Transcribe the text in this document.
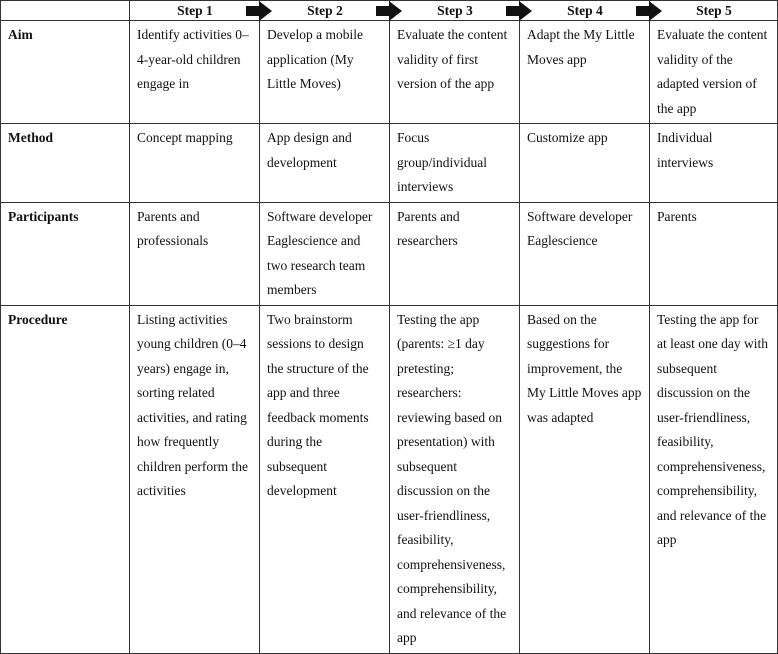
	Step 1	Step 2	Step 3	Step 4	Step 5
Aim	Identify activities 0–4-year-old children engage in	Develop a mobile application (My Little Moves)	Evaluate the content validity of first version of the app	Adapt the My Little Moves app	Evaluate the content validity of the adapted version of the app
Method	Concept mapping	App design and development	Focus group/individual interviews	Customize app	Individual interviews
Participants	Parents and professionals	Software developer Eaglescience and two research team members	Parents and researchers	Software developer Eaglescience	Parents
Procedure	Listing activities young children (0–4 years) engage in, sorting related activities, and rating how frequently children perform the activities	Two brainstorm sessions to design the structure of the app and three feedback moments during the subsequent development	Testing the app (parents: ≥1 day pretesting; researchers: reviewing based on presentation) with subsequent discussion on the user-friendliness, feasibility, comprehensiveness, comprehensibility, and relevance of the app	Based on the suggestions for improvement, the My Little Moves app was adapted	Testing the app for at least one day with subsequent discussion on the user-friendliness, feasibility, comprehensiveness, comprehensibility, and relevance of the app
